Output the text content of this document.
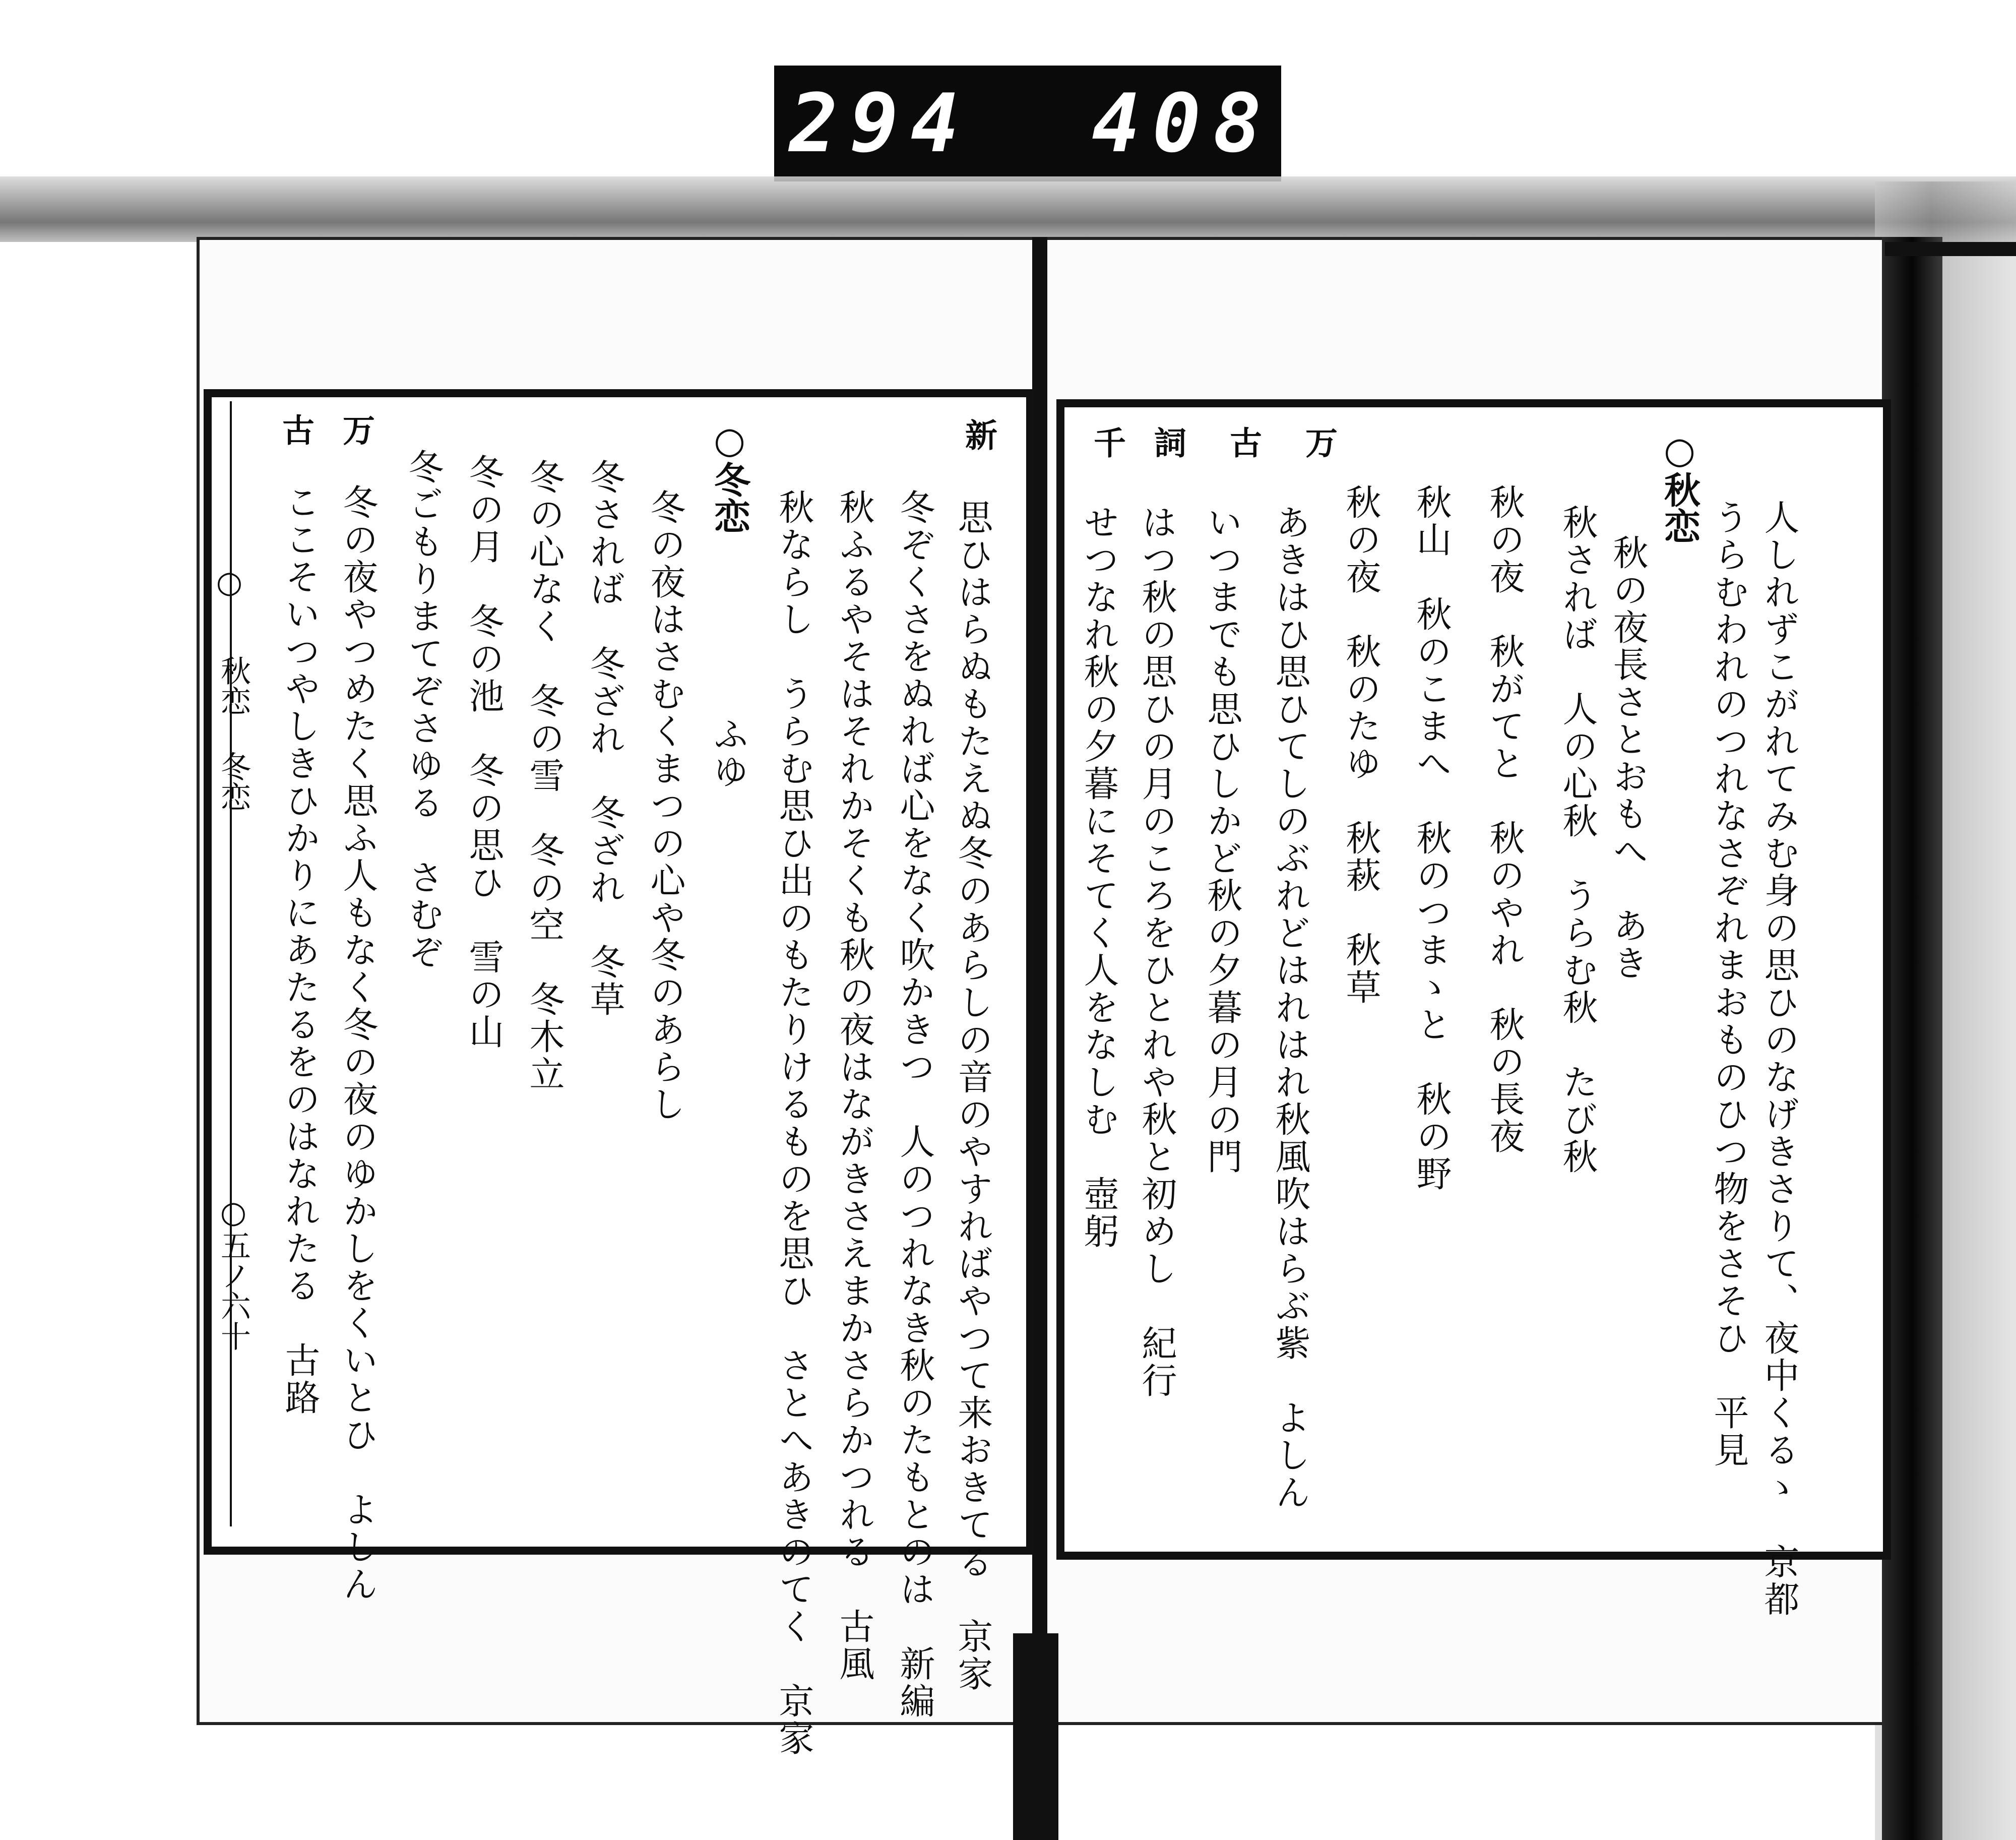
294 408.
万
古
詞
千
人しれずこがれてみむ身の思ひのなげきさりて、夜中くるゝ　京都
うらむわれのつれなさぞれまおものひつ物をさそひ　平見
○秋恋
秋の夜長さとおもへ　あき
秋されば　人の心秋　うらむ秋　たび秋
秋の夜　秋がてと　秋のやれ　秋の長夜
秋山　秋のこまへ　秋のつまゝと　秋の野
秋の夜　秋のたゆ　秋萩　秋草
あきはひ思ひてしのぶれどはれはれ秋風吹はらぶ紫　よしん
いつまでも思ひしかど秋の夕暮の月の門
はつ秋の思ひの月のころをひとれや秋と初めし　紀行
せつなれ秋の夕暮にそてく人をなしむ　壺躬
新
万
古
思ひはらぬもたえぬ冬のあらしの音のやすればやつて来おきてる　京家
冬ぞくさをぬれば心をなく吹かきつ　人のつれなき秋のたもとのは　新編
秋ふるやそはそれかそくも秋の夜はながきさえまかさらかつれる　古風
秋ならし　うらむ思ひ出のもたりけるものを思ひ　さとへあきのてく　京家
○冬恋
ふゆ
冬の夜はさむくまつの心や冬のあらし
冬されば　冬ざれ　冬ざれ　冬草
冬の心なく　冬の雪　冬の空　冬木立
冬の月　冬の池　冬の思ひ　雪の山
冬ごもりまてぞさゆる　さむぞ
冬の夜やつめたく思ふ人もなく冬の夜のゆかしをくいとひ　よしん
ここそいつやしきひかりにあたるをのはなれたる　古路
○
秋恋 冬恋
○五ノ六十
